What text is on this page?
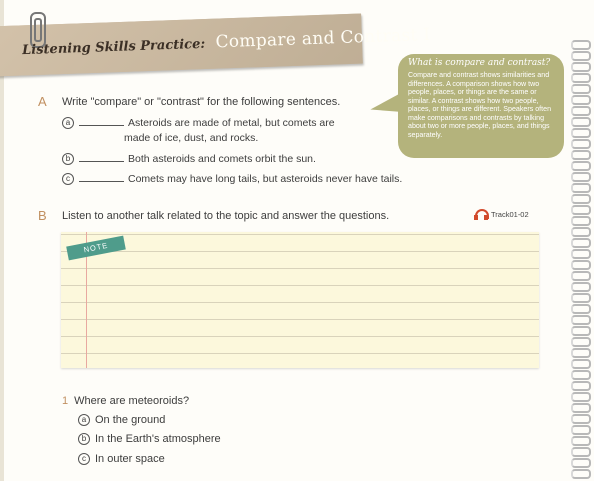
Listening Skills Practice: Compare and Contrast I

What is compare and contrast?

Compare and contrast shows similarities and differences. A comparison shows how two people, places, or things are the same or similar. A contrast shows how two people, places, or things are different. Speakers often make comparisons and contrasts by talking about two or more people, places, and things separately.

A Write "compare" or "contrast" for the following sentences.
a	Asteroids are made of metal, but comets are
made of ice, dust, and rocks.
b	Both asteroids and comets orbit the sun.
c	Comets may have long tails, but asteroids never have tails.
B Listen to another talk related to the topic and answer the questions.	Track01-02
NOTE
1 Where are meteoroids?
a On the ground
b In the Earth's atmosphere
c In outer space
